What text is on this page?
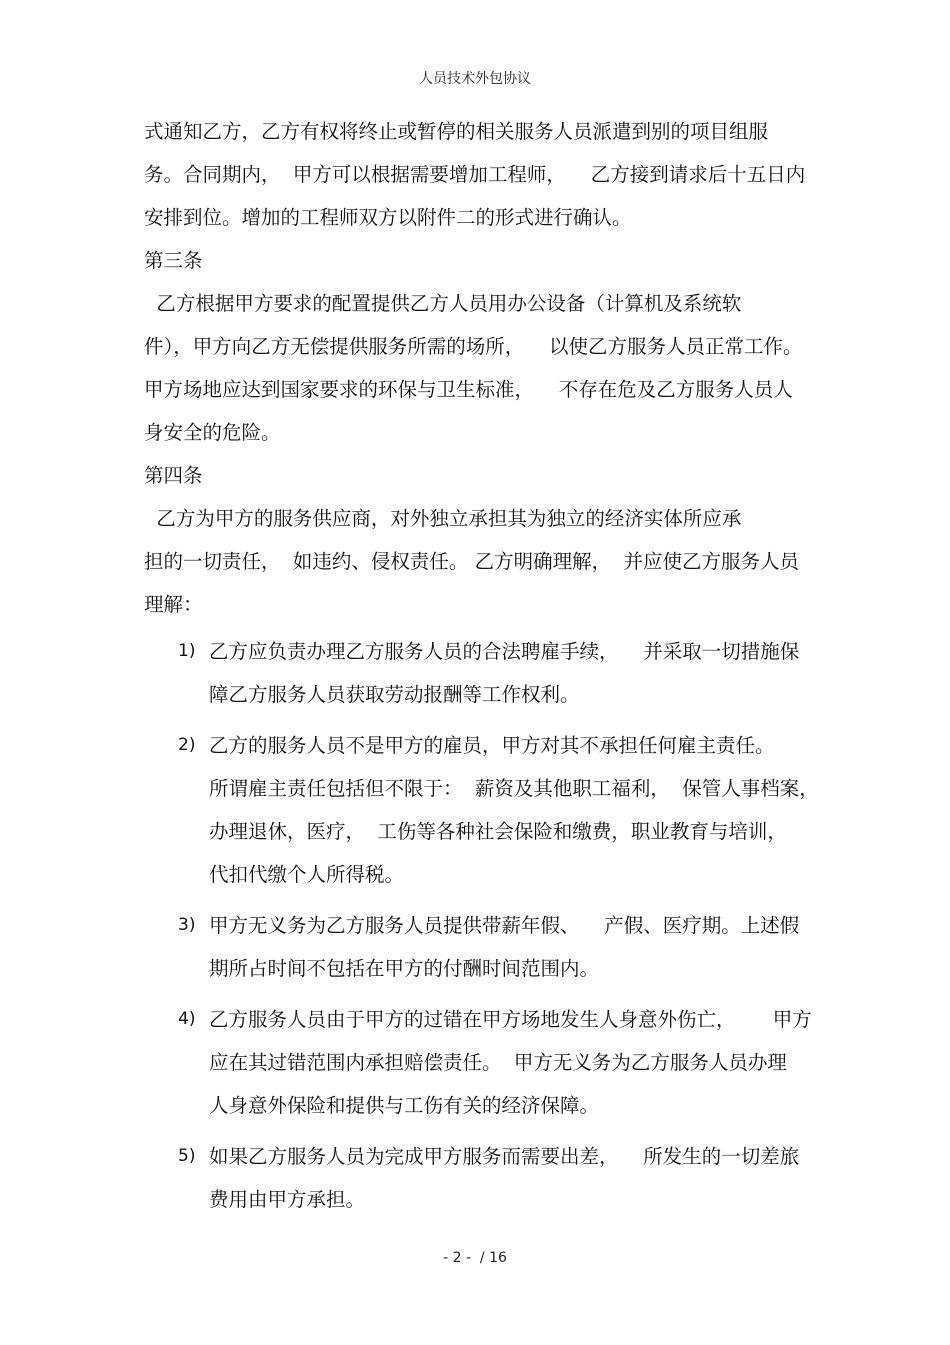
人员技术外包协议
式通知乙方，乙方有权将终止或暂停的相关服务人员派遣到别的项目组服
务。合同期内，  甲方可以根据需要增加工程师，    乙方接到请求后十五日内
安排到位。增加的工程师双方以附件二的形式进行确认。
第三条
乙方根据甲方要求的配置提供乙方人员用办公设备（计算机及系统软
件），甲方向乙方无偿提供服务所需的场所，    以使乙方服务人员正常工作。
甲方场地应达到国家要求的环保与卫生标准，    不存在危及乙方服务人员人
身安全的危险。
第四条
乙方为甲方的服务供应商，对外独立承担其为独立的经济实体所应承
担的一切责任，  如违约、侵权责任。 乙方明确理解，  并应使乙方服务人员
理解：
1) 乙方应负责办理乙方服务人员的合法聘雇手续，    并采取一切措施保
障乙方服务人员获取劳动报酬等工作权利。
2) 乙方的服务人员不是甲方的雇员，甲方对其不承担任何雇主责任。
所谓雇主责任包括但不限于：  薪资及其他职工福利，  保管人事档案，
办理退休，医疗，  工伤等各种社会保险和缴费，职业教育与培训，
代扣代缴个人所得税。
3) 甲方无义务为乙方服务人员提供带薪年假、    产假、医疗期。上述假
期所占时间不包括在甲方的付酬时间范围内。
4) 乙方服务人员由于甲方的过错在甲方场地发生人身意外伤亡，      甲方
应在其过错范围内承担赔偿责任。  甲方无义务为乙方服务人员办理
人身意外保险和提供与工伤有关的经济保障。
5) 如果乙方服务人员为完成甲方服务而需要出差，    所发生的一切差旅
费用由甲方承担。
- 2 -  / 16
